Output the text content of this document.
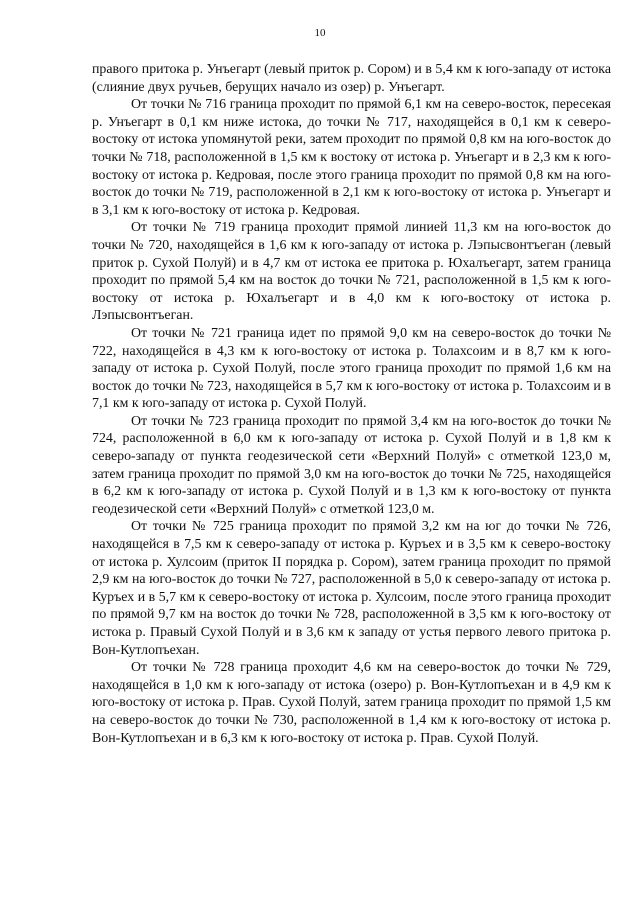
10

правого притока р. Унъегарт (левый приток р. Сором) и в 5,4 км к юго-западу от истока (слияние двух ручьев, берущих начало из озер) р. Унъегарт.

От точки № 716 граница проходит по прямой 6,1 км на северо-восток, пересекая р. Унъегарт в 0,1 км ниже истока, до точки № 717, находящейся в 0,1 км к северо-востоку от истока упомянутой реки, затем проходит по прямой 0,8 км на юго-восток до точки № 718, расположенной в 1,5 км к востоку от истока р. Унъегарт и в 2,3 км к юго-востоку от истока р. Кедровая, после этого граница проходит по прямой 0,8 км на юго-восток до точки № 719, расположенной в 2,1 км к юго-востоку от истока р. Унъегарт и в 3,1 км к юго-востоку от истока р. Кедровая.

От точки № 719 граница проходит прямой линией 11,3 км на юго-восток до точки № 720, находящейся в 1,6 км к юго-западу от истока р. Лэпысвонтъеган (левый приток р. Сухой Полуй) и в 4,7 км от истока ее притока р. Юхалъегарт, затем граница проходит по прямой 5,4 км на восток до точки № 721, расположенной в 1,5 км к юго-востоку от истока р. Юхалъегарт и в 4,0 км к юго-востоку от истока р. Лэпысвонтъеган.

От точки № 721 граница идет по прямой 9,0 км на северо-восток до точки № 722, находящейся в 4,3 км к юго-востоку от истока р. Толахсоим и в 8,7 км к юго-западу от истока р. Сухой Полуй, после этого граница проходит по прямой 1,6 км на восток до точки № 723, находящейся в 5,7 км к юго-востоку от истока р. Толахсоим и в 7,1 км к юго-западу от истока р. Сухой Полуй.

От точки № 723 граница проходит по прямой 3,4 км на юго-восток до точки № 724, расположенной в 6,0 км к юго-западу от истока р. Сухой Полуй и в 1,8 км к северо-западу от пункта геодезической сети «Верхний Полуй» с отметкой 123,0 м, затем граница проходит по прямой 3,0 км на юго-восток до точки № 725, находящейся в 6,2 км к юго-западу от истока р. Сухой Полуй и в 1,3 км к юго-востоку от пункта геодезической сети «Верхний Полуй» с отметкой 123,0 м.

От точки № 725 граница проходит по прямой 3,2 км на юг до точки № 726, находящейся в 7,5 км к северо-западу от истока р. Куръех и в 3,5 км к северо-востоку от истока р. Хулсоим (приток II порядка р. Сором), затем граница проходит по прямой 2,9 км на юго-восток до точки № 727, расположенной в 5,0 к северо-западу от истока р. Куръех и в 5,7 км к северо-востоку от истока р. Хулсоим, после этого граница проходит по прямой 9,7 км на восток до точки № 728, расположенной в 3,5 км к юго-востоку от истока р. Правый Сухой Полуй и в 3,6 км к западу от устья первого левого притока р. Вон-Кутлопъехан.

От точки № 728 граница проходит 4,6 км на северо-восток до точки № 729, находящейся в 1,0 км к юго-западу от истока (озеро) р. Вон-Кутлопъехан и в 4,9 км к юго-востоку от истока р. Прав. Сухой Полуй, затем граница проходит по прямой 1,5 км на северо-восток до точки № 730, расположенной в 1,4 км к юго-востоку от истока р. Вон-Кутлопъехан и в 6,3 км к юго-востоку от истока р. Прав. Сухой Полуй.
